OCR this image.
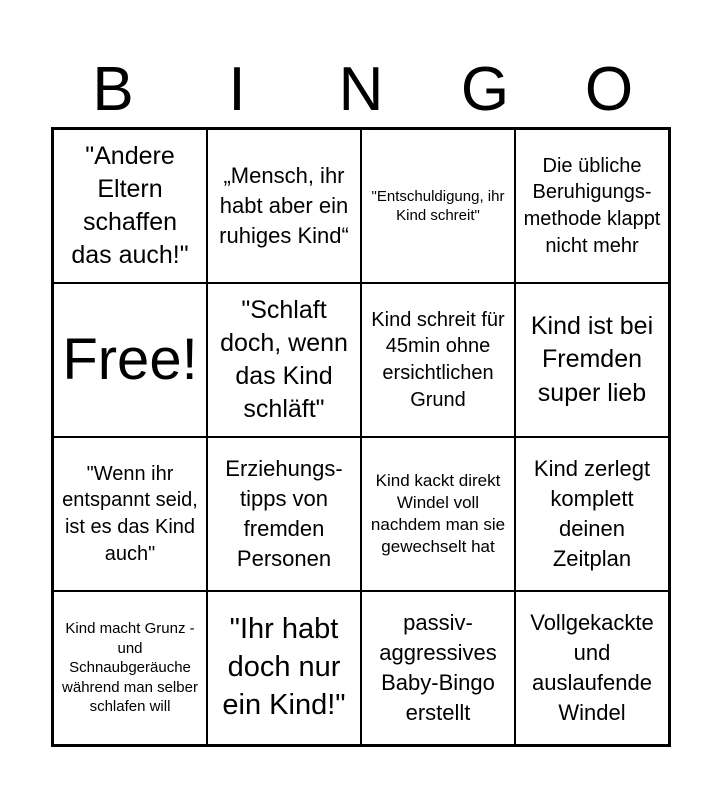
B	I	N	G	O
"Andere Eltern schaffen das auch!"
„Mensch, ihr habt aber ein ruhiges Kind“
"Entschuldigung, ihr Kind schreit"
Die übliche Beruhigungs-methode klappt nicht mehr
Free!
"Schlaft doch, wenn das Kind schläft"
Kind schreit für 45min ohne ersichtlichen Grund
Kind ist bei Fremden super lieb
"Wenn ihr entspannt seid, ist es das Kind auch"
Erziehungs-tipps von fremden Personen
Kind kackt direkt Windel voll nachdem man sie gewechselt hat
Kind zerlegt komplett deinen Zeitplan
Kind macht Grunz - und Schnaubgeräuche während man selber schlafen will
"Ihr habt doch nur ein Kind!"
passiv-aggressives Baby-Bingo erstellt
Vollgekackte und auslaufende Windel
